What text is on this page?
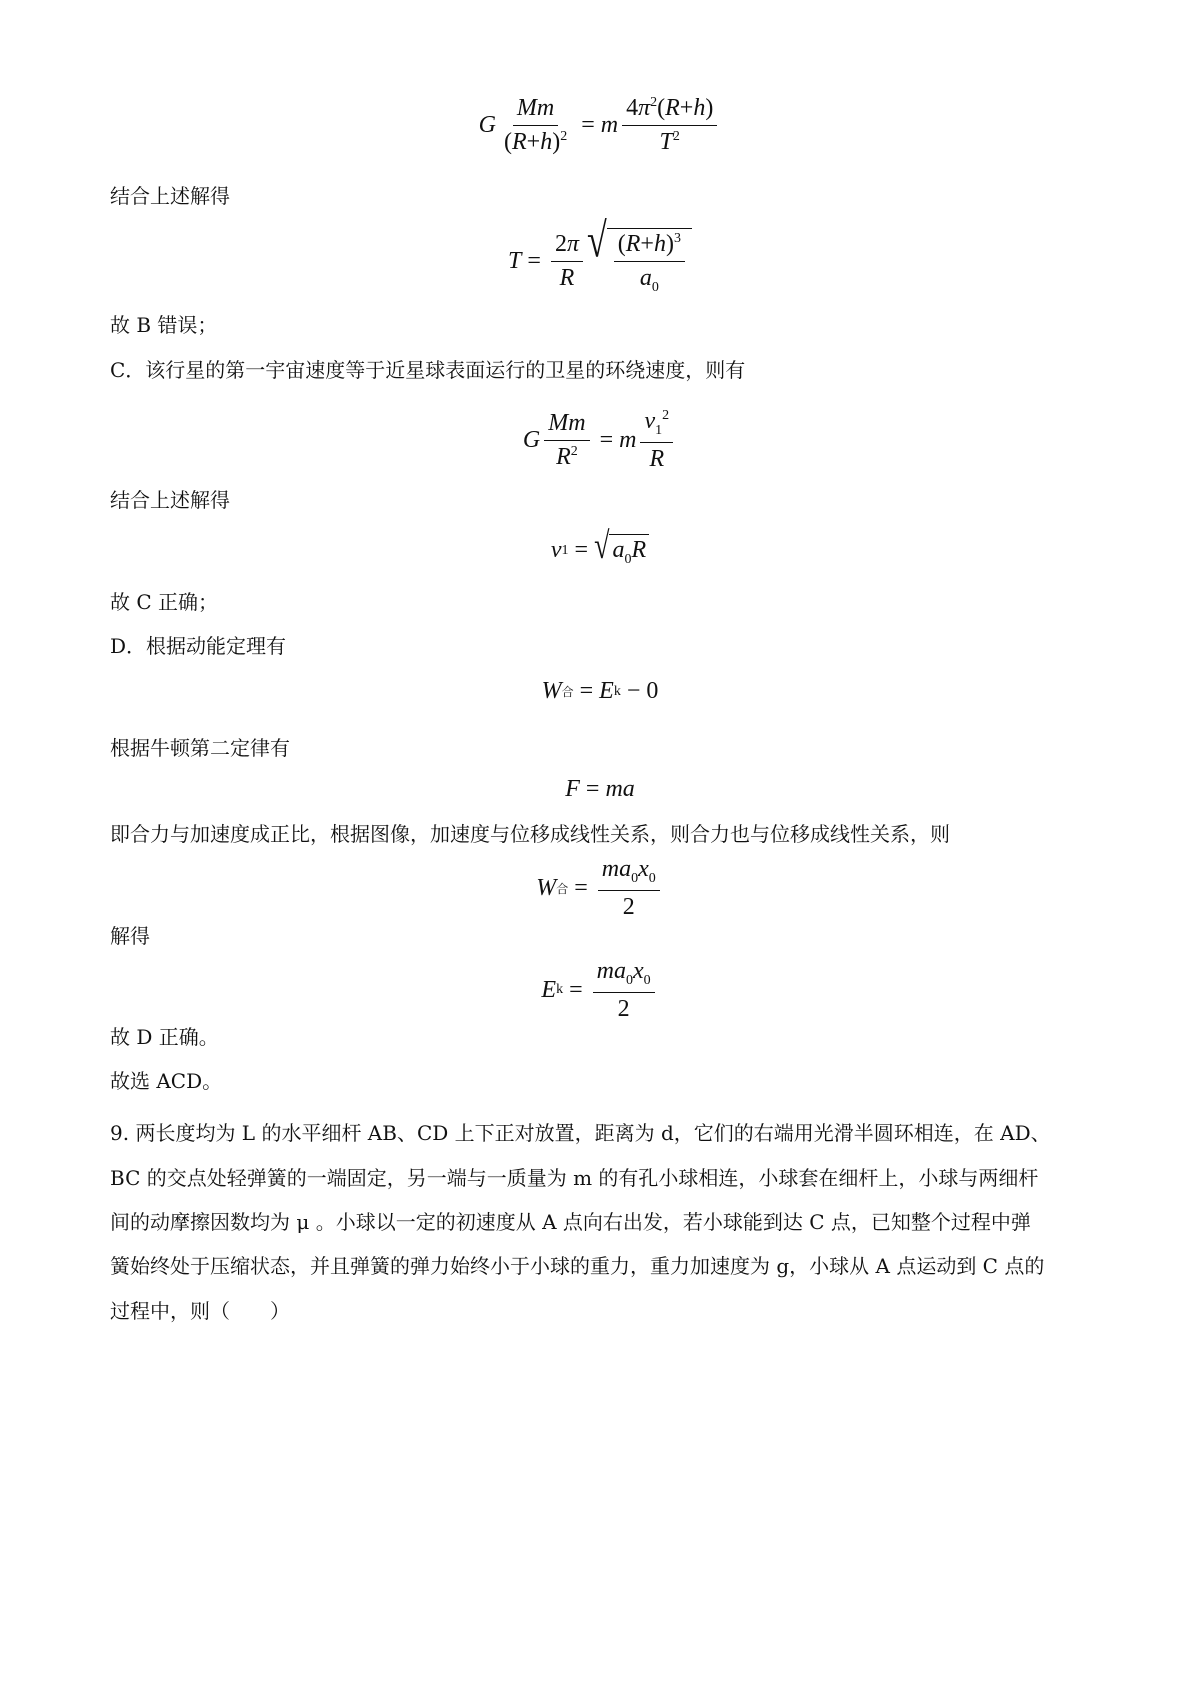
G $\frac{Mm}{(R+h)^2} = m \frac{4\pi^2(R+h)}{T^2}$
结合上述解得
$T = \frac{2\pi}{R}$ √ $\frac{(R+h)^3}{a_0}$
故 B 错误；
C．该行星的第一宇宙速度等于近星球表面运行的卫星的环绕速度，则有
G $\frac{Mm}{R^2} = m \frac{v_1^2}{R}$
结合上述解得
v 1 = √ $a_0R$
故 C 正确；
D．根据动能定理有
W 合 = E k − 0
根据牛顿第二定律有
F = ma
即合力与加速度成正比，根据图像，加速度与位移成线性关系，则合力也与位移成线性关系，则
W 合 = $\frac{ma_0x_0}{2}$
解得
E $k = \frac{ma_0x_0}{2}$
故 D 正确。
故选 ACD。
9. 两长度均为 L 的水平细杆 AB、CD 上下正对放置，距离为 d，它们的右端用光滑半圆环相连，在 AD、
BC 的交点处轻弹簧的一端固定，另一端与一质量为 m 的有孔小球相连，小球套在细杆上，小球与两细杆
间的动摩擦因数均为 μ 。小球以一定的初速度从 A 点向右出发，若小球能到达 C 点，已知整个过程中弹
簧始终处于压缩状态，并且弹簧的弹力始终小于小球的重力，重力加速度为 g，小球从 A 点运动到 C 点的
过程中，则（　　）
